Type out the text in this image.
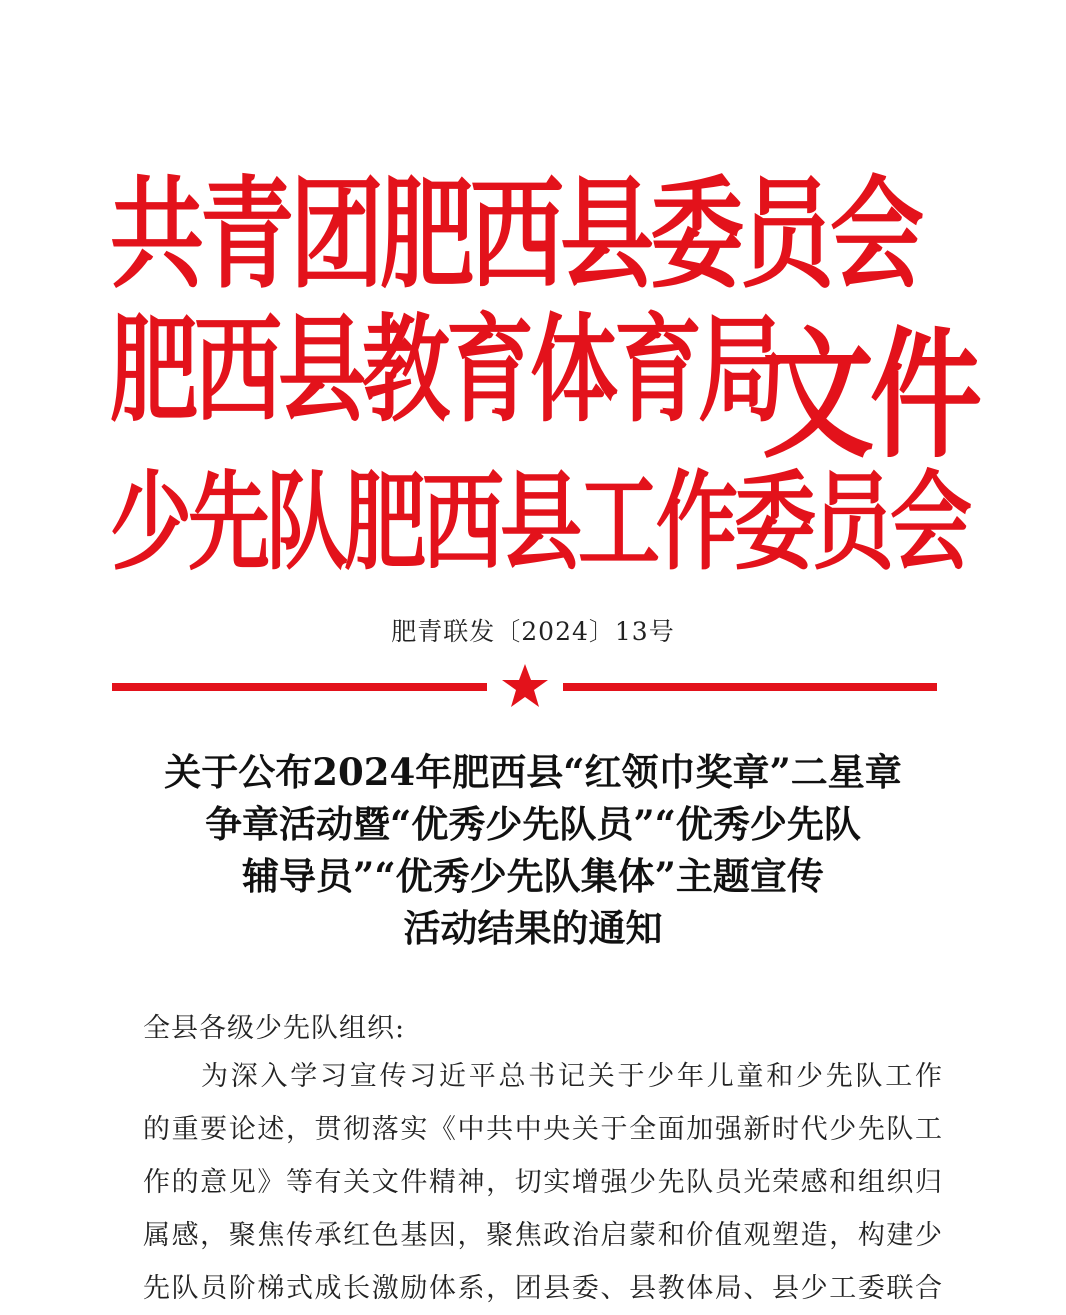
共青团肥西县委员会
肥西县教育体育局
少先队肥西县工作委员会
文件
肥青联发〔2024〕13号
关于公布2024年肥西县“红领巾奖章”二星章
争章活动暨“优秀少先队员”“优秀少先队
辅导员”“优秀少先队集体”主题宣传
活动结果的通知
全县各级少先队组织:
为深入学习宣传习近平总书记关于少年儿童和少先队工作
的重要论述，贯彻落实《中共中央关于全面加强新时代少先队工
作的意见》等有关文件精神，切实增强少先队员光荣感和组织归
属感，聚焦传承红色基因，聚焦政治启蒙和价值观塑造，构建少
先队员阶梯式成长激励体系，团县委、县教体局、县少工委联合
